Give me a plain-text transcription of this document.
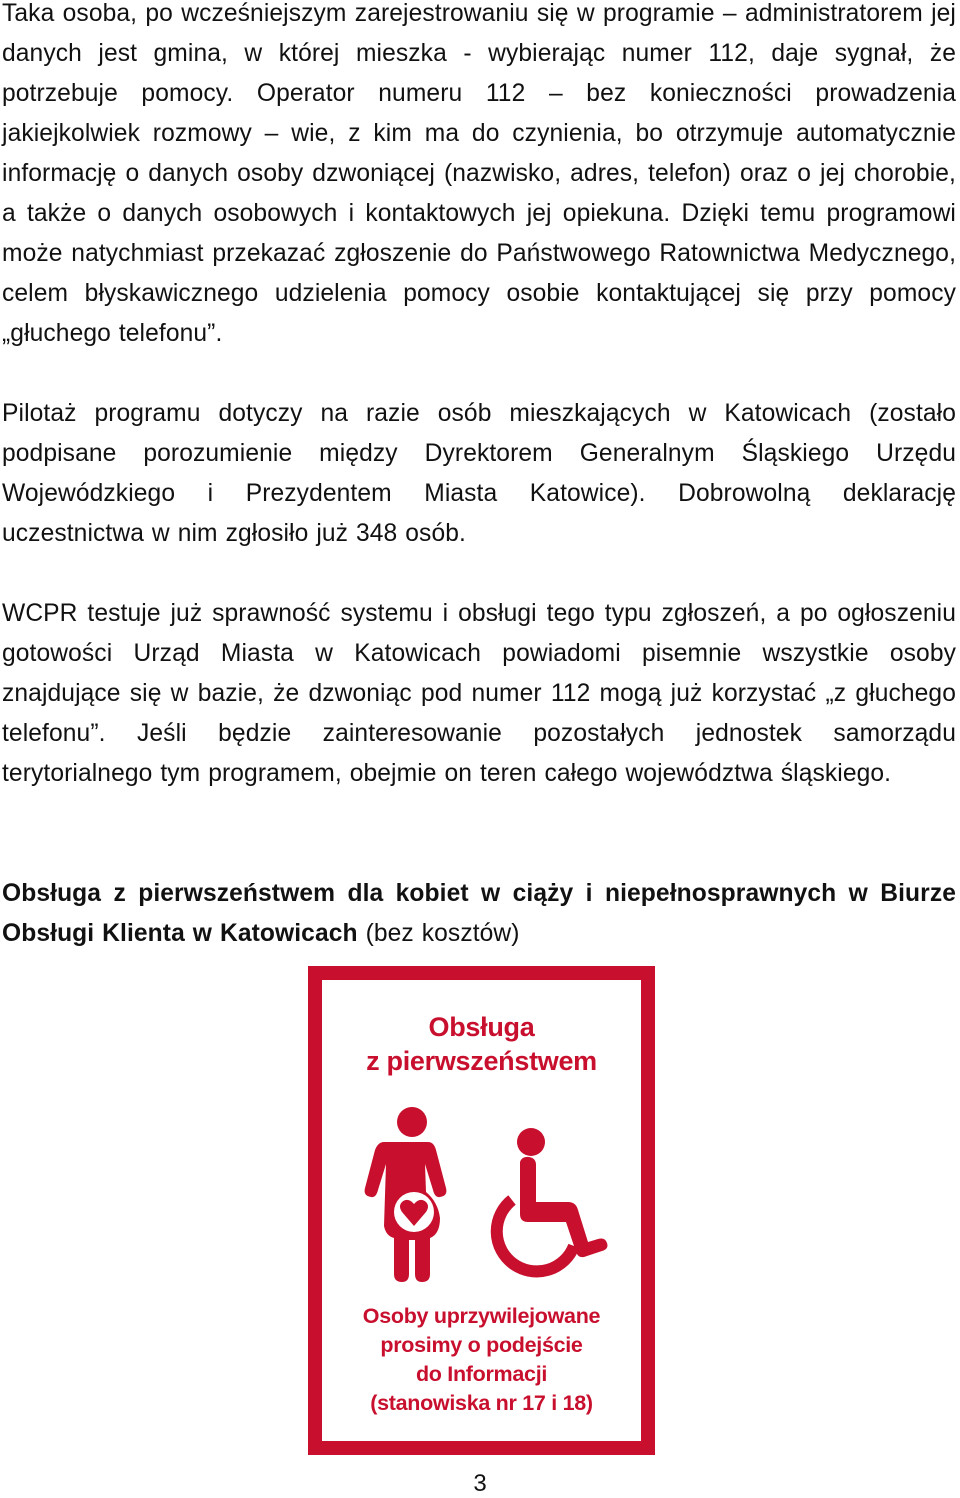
Taka osoba, po wcześniejszym zarejestrowaniu się w programie – administratorem jej danych jest gmina, w której mieszka - wybierając numer 112, daje sygnał, że potrzebuje pomocy. Operator numeru 112 – bez konieczności prowadzenia jakiejkolwiek rozmowy – wie, z kim ma do czynienia, bo otrzymuje automatycznie informację o danych osoby dzwoniącej (nazwisko, adres, telefon) oraz o jej chorobie, a także o danych osobowych i kontaktowych jej opiekuna. Dzięki temu programowi może natychmiast przekazać zgłoszenie do Państwowego Ratownictwa Medycznego, celem błyskawicznego udzielenia pomocy osobie kontaktującej się przy pomocy „głuchego telefonu”.

Pilotaż programu dotyczy na razie osób mieszkających w Katowicach (zostało podpisane porozumienie między Dyrektorem Generalnym Śląskiego Urzędu Wojewódzkiego i Prezydentem Miasta Katowice). Dobrowolną deklarację uczestnictwa w nim zgłosiło już 348 osób.

WCPR testuje już sprawność systemu i obsługi tego typu zgłoszeń, a po ogłoszeniu gotowości Urząd Miasta w Katowicach powiadomi pisemnie wszystkie osoby znajdujące się w bazie, że dzwoniąc pod numer 112 mogą już korzystać „z głuchego telefonu”. Jeśli będzie zainteresowanie pozostałych jednostek samorządu terytorialnego tym programem, obejmie on teren całego województwa śląskiego.

Obsługa z pierwszeństwem dla kobiet w ciąży i niepełnosprawnych w Biurze Obsługi Klienta w Katowicach (bez kosztów)

Obsługa
z pierwszeństwem
Osoby uprzywilejowane
prosimy o podejście
do Informacji
(stanowiska nr 17 i 18)
3
